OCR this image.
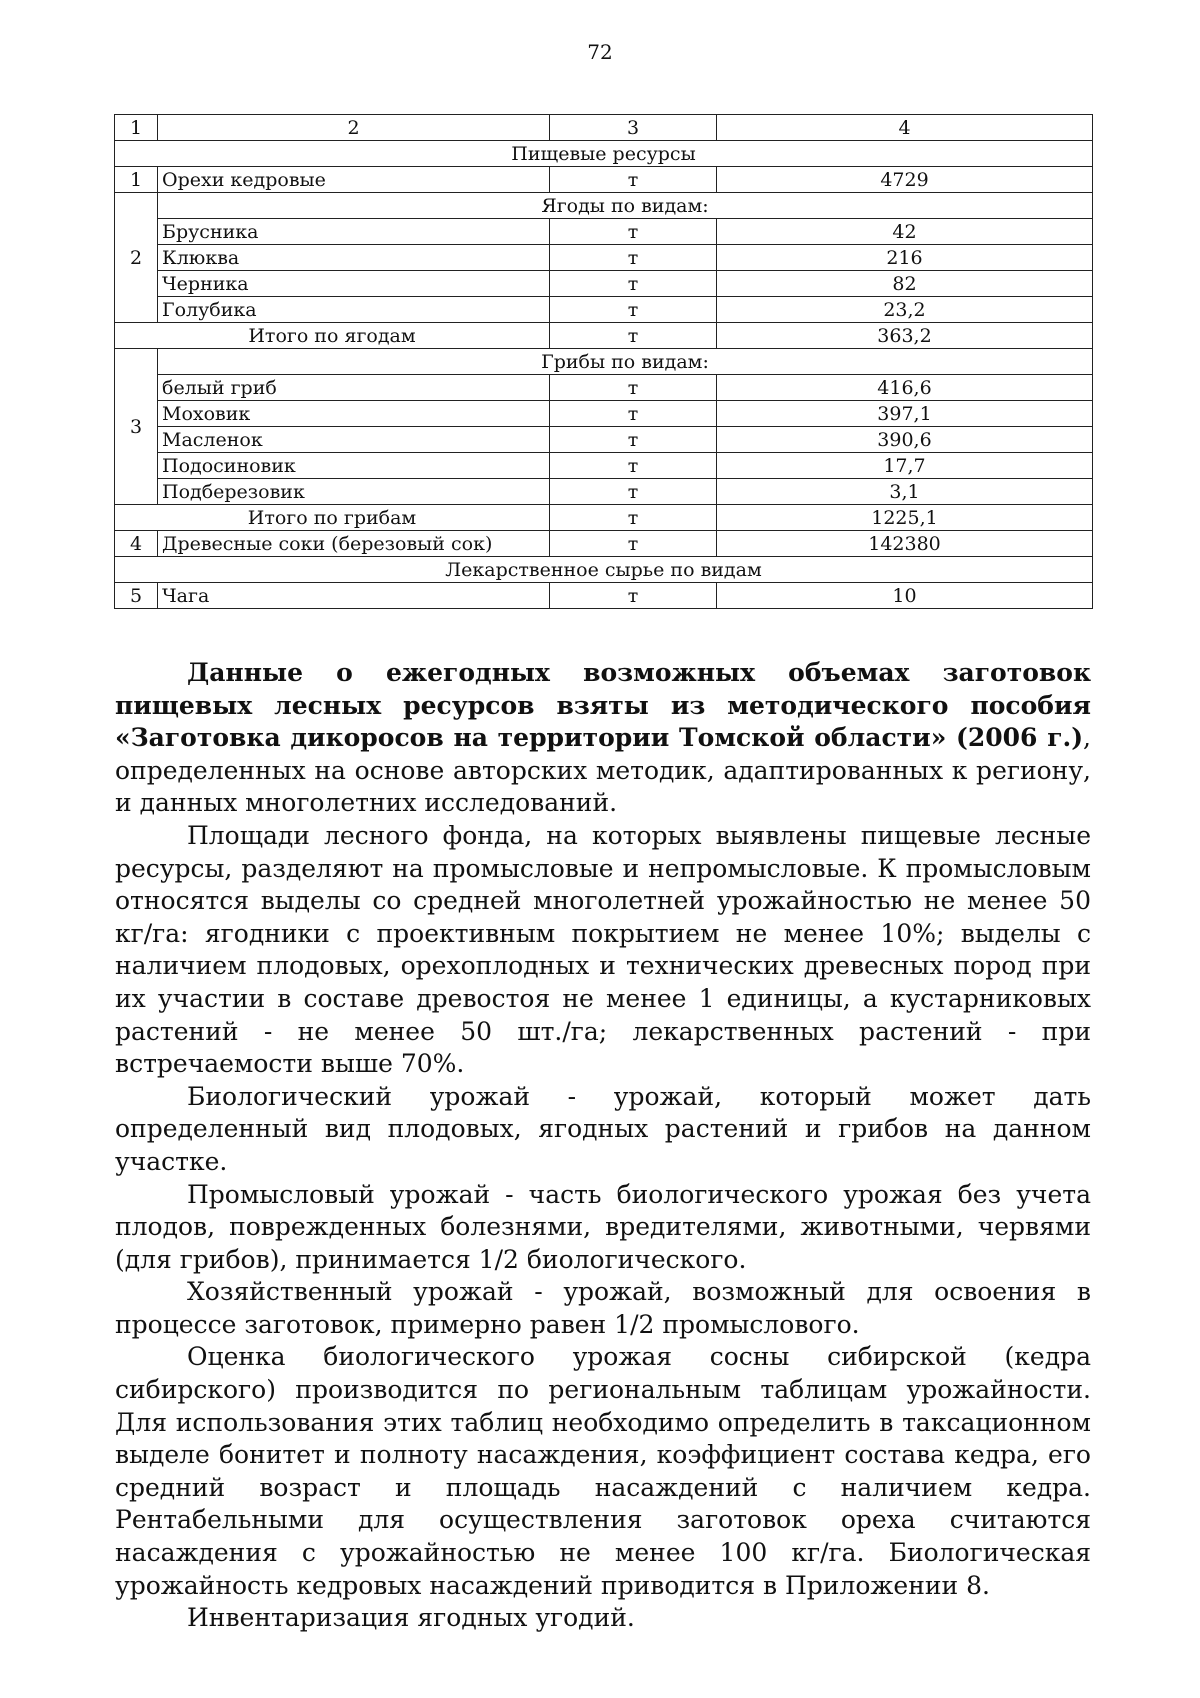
72
1	2	3	4
Пищевые ресурсы			
1	Орехи кедровые	т	4729
2	Ягоды по видам:		
	Брусника	т	42
	Клюква	т	216
	Черника	т	82
	Голубика	т	23,2
Итого по ягодам		т	363,2
3	Грибы по видам:		
	белый гриб	т	416,6
	Моховик	т	397,1
	Масленок	т	390,6
	Подосиновик	т	17,7
	Подберезовик	т	3,1
Итого по грибам		т	1225,1
4	Древесные соки (березовый сок)	т	142380
Лекарственное сырье по видам			
5	Чага	т	10

Данные о ежегодных возможных объемах заготовок пищевых лесных ресурсов взяты из методического пособия «Заготовка дикоросов на территории Томской области» (2006 г.), определенных на основе авторских методик, адаптированных к региону, и данных многолетних исследований.

Площади лесного фонда, на которых выявлены пищевые лесные ресурсы, разделяют на промысловые и непромысловые. К промысловым относятся выделы со средней многолетней урожайностью не менее 50 кг/га: ягодники с проективным покрытием не менее 10%; выделы с наличием плодовых, орехоплодных и технических древесных пород при их участии в составе древостоя не менее 1 единицы, а кустарниковых растений - не менее 50 шт./га; лекарственных растений - при встречаемости выше 70%.

Биологический урожай - урожай, который может дать определенный вид плодовых, ягодных растений и грибов на данном участке.

Промысловый урожай - часть биологического урожая без учета плодов, поврежденных болезнями, вредителями, животными, червями (для грибов), принимается 1/2 биологического.

Хозяйственный урожай - урожай, возможный для освоения в процессе заготовок, примерно равен 1/2 промыслового.

Оценка биологического урожая сосны сибирской (кедра сибирского) производится по региональным таблицам урожайности. Для использования этих таблиц необходимо определить в таксационном выделе бонитет и полноту насаждения, коэффициент состава кедра, его средний возраст и площадь насаждений с наличием кедра. Рентабельными для осуществления заготовок ореха считаются насаждения с урожайностью не менее 100 кг/га. Биологическая урожайность кедровых насаждений приводится в Приложении 8.

Инвентаризация ягодных угодий.
